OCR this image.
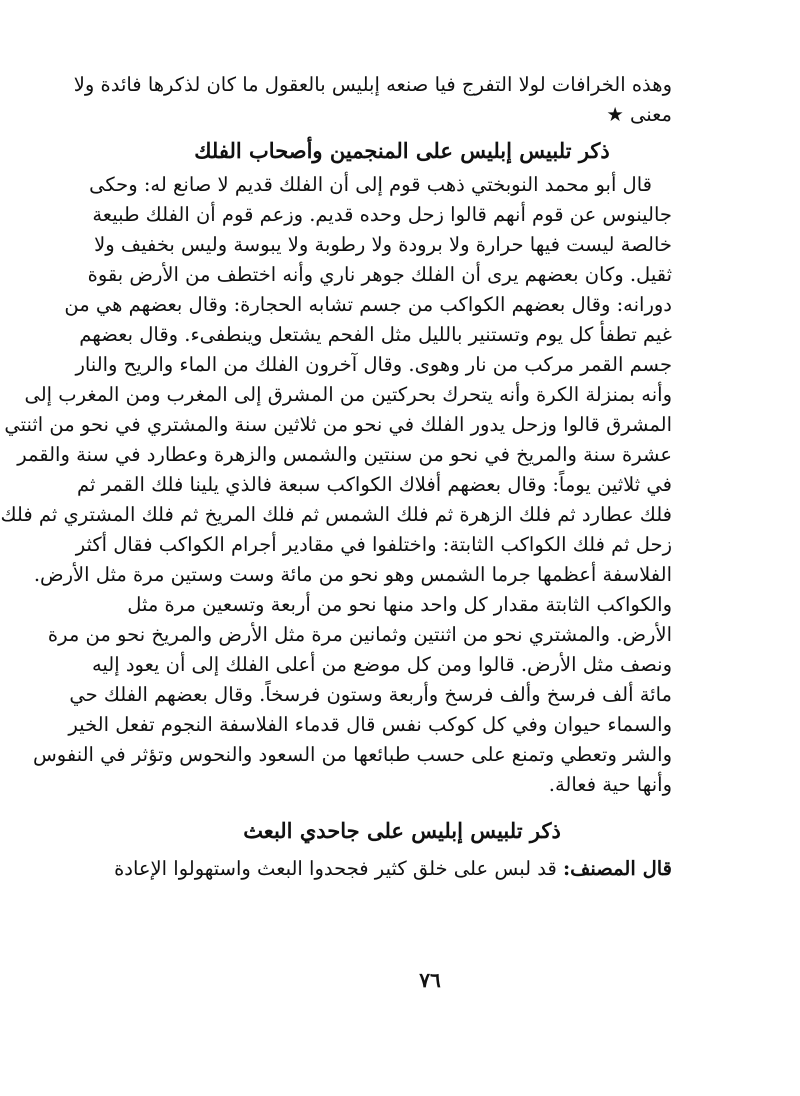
وهذه الخرافات لولا التفرج فيا صنعه إبليس بالعقول ما كان لذكرها فائدة ولا
معنى ★
ذكر تلبيس إبليس على المنجمين وأصحاب الفلك
قال أبو محمد النوبختي ذهب قوم إلى أن الفلك قديم لا صانع له: وحكى
جالينوس عن قوم أنهم قالوا زحل وحده قديم. وزعم قوم أن الفلك طبيعة
خالصة ليست فيها حرارة ولا برودة ولا رطوبة ولا يبوسة وليس بخفيف ولا
ثقيل. وكان بعضهم يرى أن الفلك جوهر ناري وأنه اختطف من الأرض بقوة
دورانه: وقال بعضهم الكواكب من جسم تشابه الحجارة: وقال بعضهم هي من
غيم تطفأ كل يوم وتستنير بالليل مثل الفحم يشتعل وينطفىء. وقال بعضهم
جسم القمر مركب من نار وهوى. وقال آخرون الفلك من الماء والريح والنار
وأنه بمنزلة الكرة وأنه يتحرك بحركتين من المشرق إلى المغرب ومن المغرب إلى
المشرق قالوا وزحل يدور الفلك في نحو من ثلاثين سنة والمشتري في نحو من اثنتي
عشرة سنة والمريخ في نحو من سنتين والشمس والزهرة وعطارد في سنة والقمر
في ثلاثين يوماً: وقال بعضهم أفلاك الكواكب سبعة فالذي يلينا فلك القمر ثم
فلك عطارد ثم فلك الزهرة ثم فلك الشمس ثم فلك المريخ ثم فلك المشتري ثم فلك
زحل ثم فلك الكواكب الثابتة: واختلفوا في مقادير أجرام الكواكب فقال أكثر
الفلاسفة أعظمها جرما الشمس وهو نحو من مائة وست وستين مرة مثل الأرض.
والكواكب الثابتة مقدار كل واحد منها نحو من أربعة وتسعين مرة مثل
الأرض. والمشتري نحو من اثنتين وثمانين مرة مثل الأرض والمريخ نحو من مرة
ونصف مثل الأرض. قالوا ومن كل موضع من أعلى الفلك إلى أن يعود إليه
مائة ألف فرسخ وألف فرسخ وأربعة وستون فرسخاً. وقال بعضهم الفلك حي
والسماء حيوان وفي كل كوكب نفس قال قدماء الفلاسفة النجوم تفعل الخير
والشر وتعطي وتمنع على حسب طبائعها من السعود والنحوس وتؤثر في النفوس
وأنها حية فعالة.
ذكر تلبيس إبليس على جاحدي البعث
قال المصنف: قد لبس على خلق كثير فجحدوا البعث واستهولوا الإعادة
٧٦
